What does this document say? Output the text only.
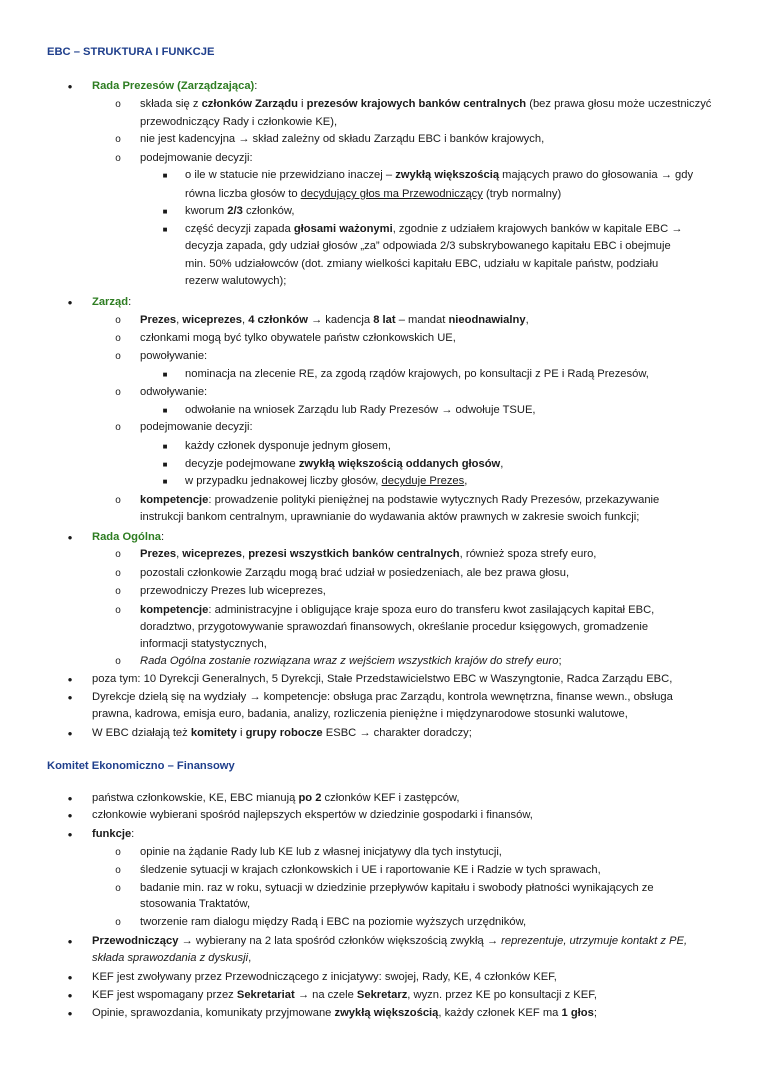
EBC – STRUKTURA I FUNKCJE
Komitet Ekonomiczno – Finansowy
•	Rada Prezesów (Zarządzająca):
o składa się z członków Zarządu i prezesów krajowych banków centralnych (bez prawa głosu może uczestniczyć
przewodniczący Rady i członkowie KE),
o nie jest kadencyjna → skład zależny od składu Zarządu EBC i banków krajowych,
o podejmowanie decyzji:
■	o ile w statucie nie przewidziano inaczej – zwykłą większością mających prawo do głosowania → gdy
równa liczba głosów to decydujący głos ma Przewodniczący (tryb normalny)
■	kworum 2/3 członków,
■	część decyzji zapada głosami ważonymi, zgodnie z udziałem krajowych banków w kapitale EBC →
decyzja zapada, gdy udział głosów „za” odpowiada 2/3 subskrybowanego kapitału EBC i obejmuje
min. 50% udziałowców (dot. zmiany wielkości kapitału EBC, udziału w kapitale państw, podziału
rezerw walutowych);
•	Zarząd:
o Prezes, wiceprezes, 4 członków → kadencja 8 lat – mandat nieodnawialny,
o członkami mogą być tylko obywatele państw członkowskich UE,
o powoływanie:
■	nominacja na zlecenie RE, za zgodą rządów krajowych, po konsultacji z PE i Radą Prezesów,
o odwoływanie:
■	odwołanie na wniosek Zarządu lub Rady Prezesów → odwołuje TSUE,
o podejmowanie decyzji:
■	każdy członek dysponuje jednym głosem,
■	decyzje podejmowane zwykłą większością oddanych głosów,
■	w przypadku jednakowej liczby głosów, decyduje Prezes,
o kompetencje: prowadzenie polityki pieniężnej na podstawie wytycznych Rady Prezesów, przekazywanie
instrukcji bankom centralnym, uprawnianie do wydawania aktów prawnych w zakresie swoich funkcji;
•	Rada Ogólna:
o Prezes, wiceprezes, prezesi wszystkich banków centralnych, również spoza strefy euro,
o pozostali członkowie Zarządu mogą brać udział w posiedzeniach, ale bez prawa głosu,
o przewodniczy Prezes lub wiceprezes,
o kompetencje: administracyjne i obligujące kraje spoza euro do transferu kwot zasilających kapitał EBC,
doradztwo, przygotowywanie sprawozdań finansowych, określanie procedur księgowych, gromadzenie
informacji statystycznych,
o Rada Ogólna zostanie rozwiązana wraz z wejściem wszystkich krajów do strefy euro;
•	poza tym: 10 Dyrekcji Generalnych, 5 Dyrekcji, Stałe Przedstawicielstwo EBC w Waszyngtonie, Radca Zarządu EBC,
•	Dyrekcje dzielą się na wydziały → kompetencje: obsługa prac Zarządu, kontrola wewnętrzna, finanse wewn., obsługa
prawna, kadrowa, emisja euro, badania, analizy, rozliczenia pieniężne i międzynarodowe stosunki walutowe,
•	W EBC działają też komitety i grupy robocze ESBC → charakter doradczy;
•	państwa członkowskie, KE, EBC mianują po 2 członków KEF i zastępców,
•	członkowie wybierani spośród najlepszych ekspertów w dziedzinie gospodarki i finansów,
•	funkcje:
o opinie na żądanie Rady lub KE lub z własnej inicjatywy dla tych instytucji,
o śledzenie sytuacji w krajach członkowskich i UE i raportowanie KE i Radzie w tych sprawach,
o badanie min. raz w roku, sytuacji w dziedzinie przepływów kapitału i swobody płatności wynikających ze
stosowania Traktatów,
o tworzenie ram dialogu między Radą i EBC na poziomie wyższych urzędników,
•	Przewodniczący → wybierany na 2 lata spośród członków większością zwykłą → reprezentuje, utrzymuje kontakt z PE,
składa sprawozdania z dyskusji,
•	KEF jest zwoływany przez Przewodniczącego z inicjatywy: swojej, Rady, KE, 4 członków KEF,
•	KEF jest wspomagany przez Sekretariat → na czele Sekretarz, wyzn. przez KE po konsultacji z KEF,
•	Opinie, sprawozdania, komunikaty przyjmowane zwykłą większością, każdy członek KEF ma 1 głos;
